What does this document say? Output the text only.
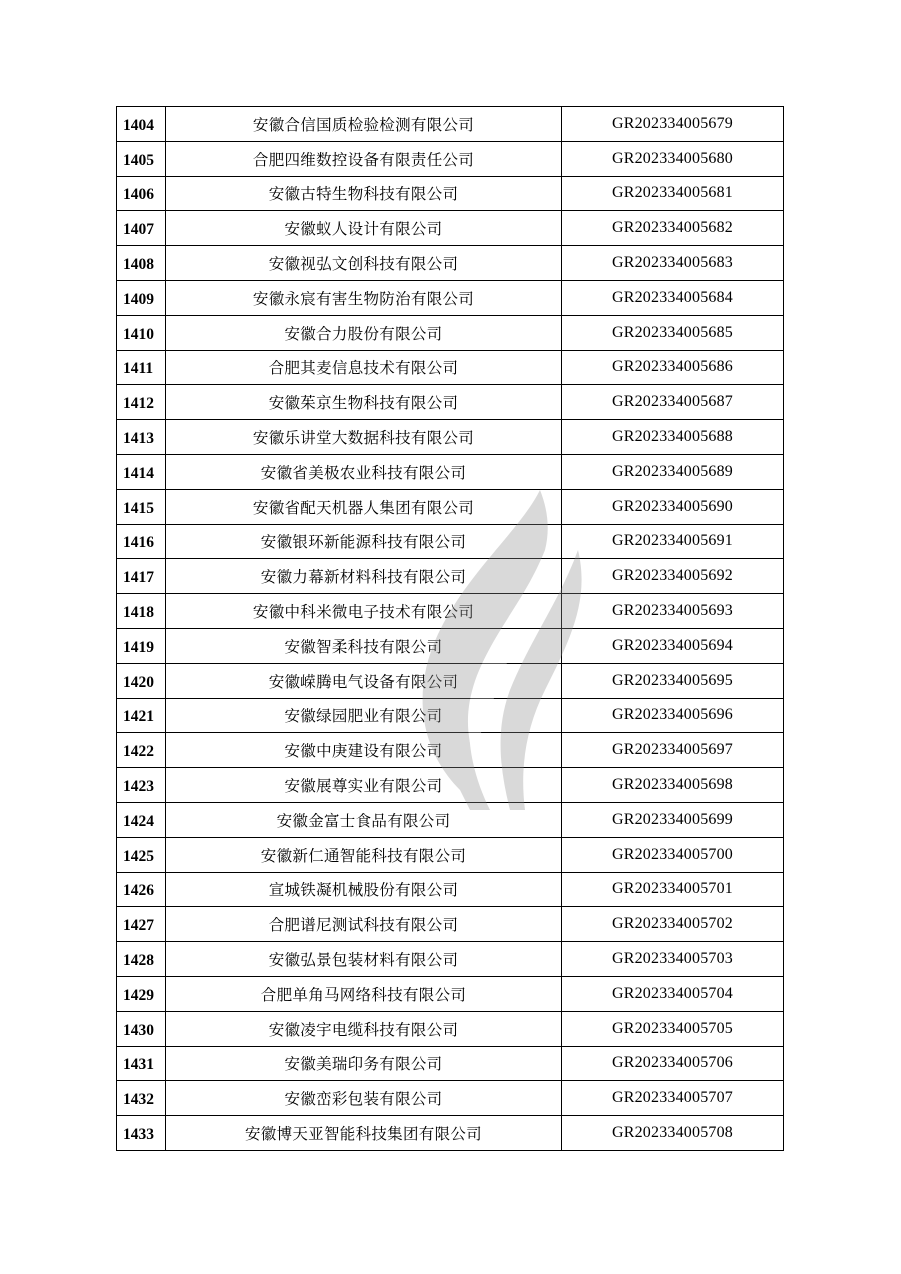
1404	安徽合信国质检验检测有限公司	GR202334005679
1405	合肥四维数控设备有限责任公司	GR202334005680
1406	安徽古特生物科技有限公司	GR202334005681
1407	安徽蚁人设计有限公司	GR202334005682
1408	安徽视弘文创科技有限公司	GR202334005683
1409	安徽永宸有害生物防治有限公司	GR202334005684
1410	安徽合力股份有限公司	GR202334005685
1411	合肥其麦信息技术有限公司	GR202334005686
1412	安徽茱京生物科技有限公司	GR202334005687
1413	安徽乐讲堂大数据科技有限公司	GR202334005688
1414	安徽省美极农业科技有限公司	GR202334005689
1415	安徽省配天机器人集团有限公司	GR202334005690
1416	安徽银环新能源科技有限公司	GR202334005691
1417	安徽力幕新材料科技有限公司	GR202334005692
1418	安徽中科米微电子技术有限公司	GR202334005693
1419	安徽智柔科技有限公司	GR202334005694
1420	安徽嵘腾电气设备有限公司	GR202334005695
1421	安徽绿园肥业有限公司	GR202334005696
1422	安徽中庚建设有限公司	GR202334005697
1423	安徽展尊实业有限公司	GR202334005698
1424	安徽金富士食品有限公司	GR202334005699
1425	安徽新仁通智能科技有限公司	GR202334005700
1426	宣城铁凝机械股份有限公司	GR202334005701
1427	合肥谱尼测试科技有限公司	GR202334005702
1428	安徽弘景包装材料有限公司	GR202334005703
1429	合肥单角马网络科技有限公司	GR202334005704
1430	安徽凌宇电缆科技有限公司	GR202334005705
1431	安徽美瑞印务有限公司	GR202334005706
1432	安徽峦彩包装有限公司	GR202334005707
1433	安徽博天亚智能科技集团有限公司	GR202334005708
